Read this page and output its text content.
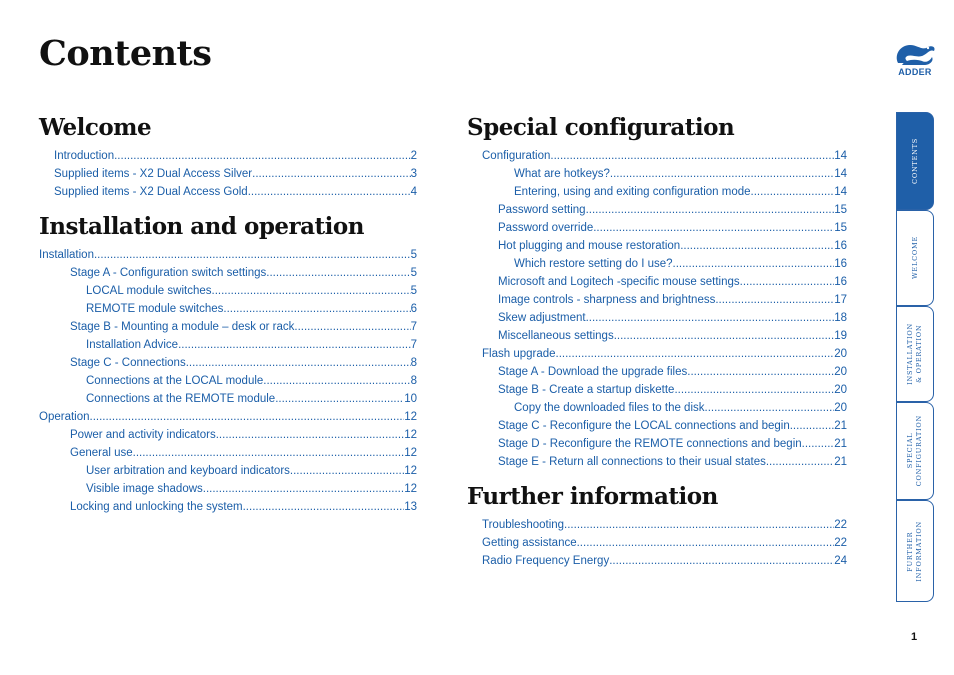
Contents
Welcome
Introduction .....	2
Supplied items - X2 Dual Access Silver .....	3
Supplied items - X2 Dual Access Gold .....	4
Installation and operation
Installation .....	5
Stage A - Configuration switch settings .....	5
LOCAL module switches .....	5
REMOTE module switches .....	6
Stage B - Mounting a module – desk or rack .....	7
Installation Advice .....	7
Stage C - Connections .....	8
Connections at the LOCAL module .....	8
Connections at the REMOTE module .....	10
Operation .....	12
Power and activity indicators .....	12
General use .....	12
User arbitration and keyboard indicators .....	12
Visible image shadows .....	12
Locking and unlocking the system .....	13
Special configuration
Configuration .....	14
What are hotkeys? .....	14
Entering, using and exiting configuration mode .....	14
Password setting .....	15
Password override .....	15
Hot plugging and mouse restoration .....	16
Which restore setting do I use? .....	16
Microsoft and Logitech -specific mouse settings .....	16
Image controls - sharpness and brightness .....	17
Skew adjustment .....	18
Miscellaneous settings .....	19
Flash upgrade .....	20
Stage A - Download the upgrade files .....	20
Stage B - Create a startup diskette .....	20
Copy the downloaded files to the disk .....	20
Stage C - Reconfigure the LOCAL connections and begin .....	21
Stage D - Reconfigure the REMOTE connections and begin .....	21
Stage E - Return all connections to their usual states .....	21
Further information
Troubleshooting .....	22
Getting assistance .....	22
Radio Frequency Energy .....	24
ADDER
CONTENTS
WELCOME
INSTALLATION
& OPERATION
SPECIAL
CONFIGURATION
FURTHER
INFORMATION
1
